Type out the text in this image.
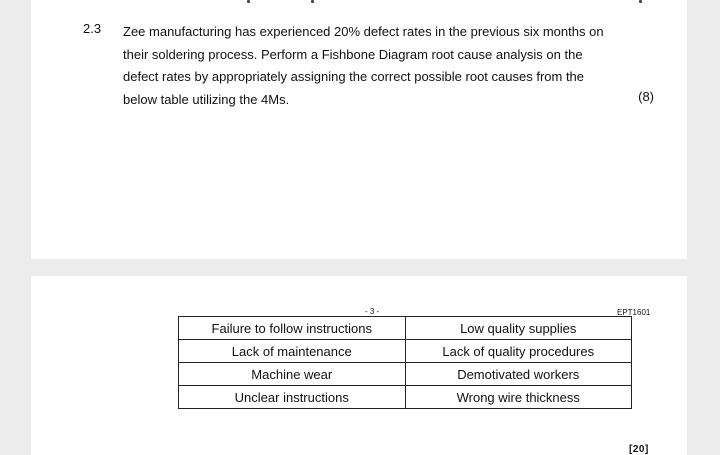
2.3 Zee manufacturing has experienced 20% defect rates in the previous six months on their soldering process. Perform a Fishbone Diagram root cause analysis on the defect rates by appropriately assigning the correct possible root causes from the below table utilizing the 4Ms.	(8)
- 3 -	EPT1601
Failure to follow instructions	Low quality supplies
Lack of maintenance	Lack of quality procedures
Machine wear	Demotivated workers
Unclear instructions	Wrong wire thickness
[20]
